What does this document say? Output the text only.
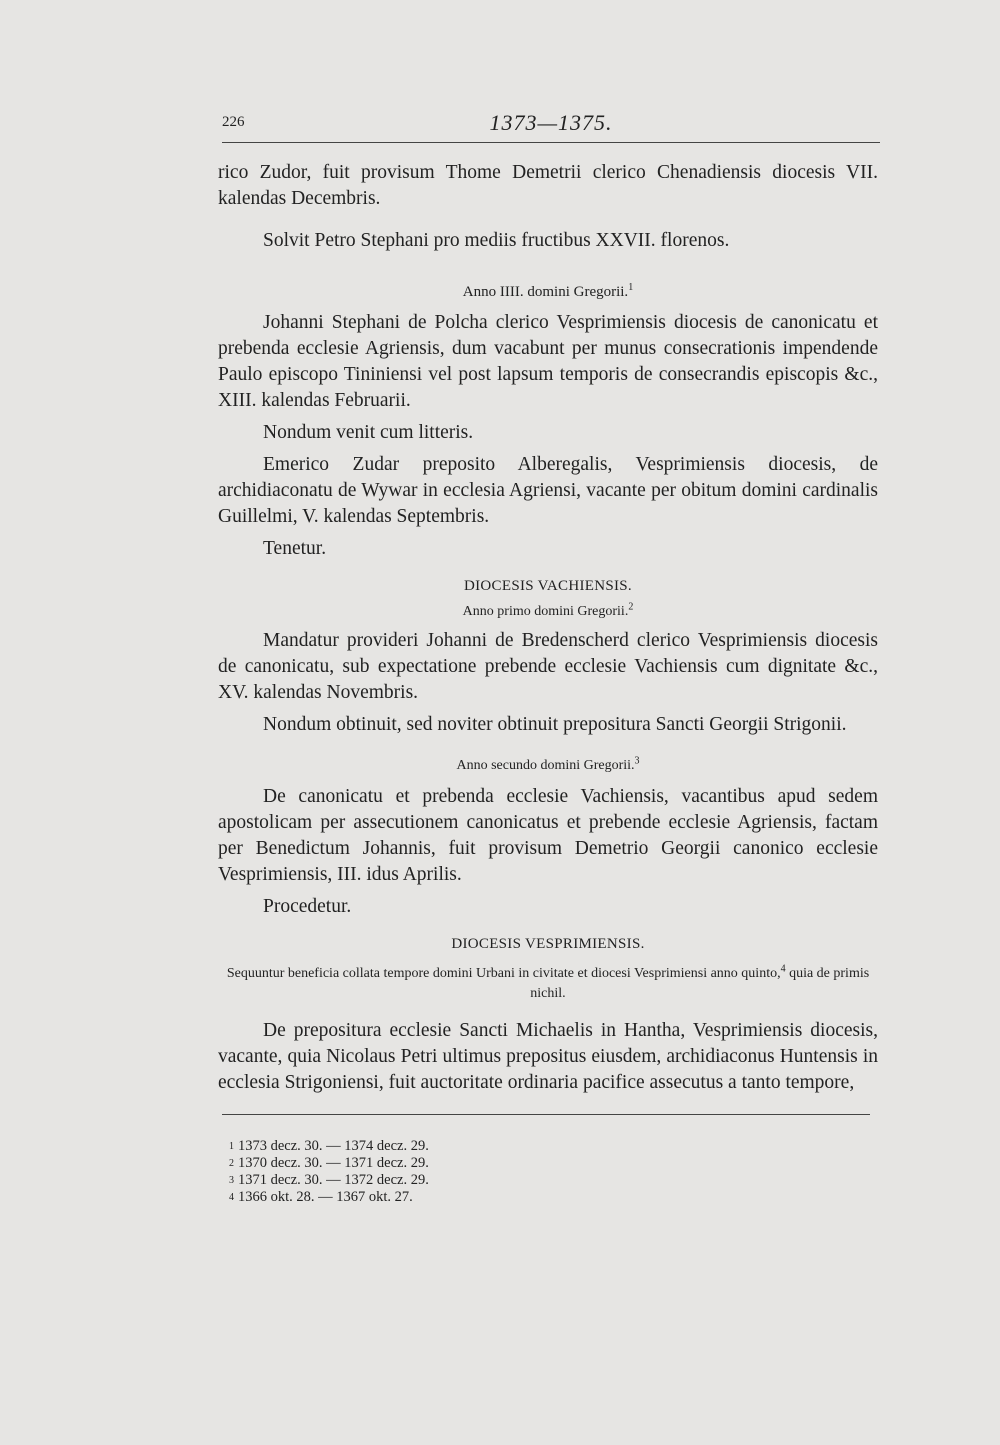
226	1373—1375.

rico Zudor, fuit provisum Thome Demetrii clerico Chenadiensis diocesis VII. kalendas Decembris.

Solvit Petro Stephani pro mediis fructibus XXVII. florenos.

Anno IIII. domini Gregorii.$^1$

Johanni Stephani de Polcha clerico Vesprimiensis diocesis de canonicatu et prebenda ecclesie Agriensis, dum vacabunt per munus consecrationis impendende Paulo episcopo Tininiensi vel post lapsum temporis de consecrandis episcopis &c., XIII. kalendas Februarii.

Nondum venit cum litteris.

Emerico Zudar preposito Alberegalis, Vesprimiensis diocesis, de archidiaconatu de Wywar in ecclesia Agriensi, vacante per obitum domini cardinalis Guillelmi, V. kalendas Septembris.

Tenetur.

DIOCESIS VACHIENSIS.

Anno primo domini Gregorii.$^2$

Mandatur provideri Johanni de Bredenscherd clerico Vesprimiensis diocesis de canonicatu, sub expectatione prebende ecclesie Vachiensis cum dignitate &c., XV. kalendas Novembris.

Nondum obtinuit, sed noviter obtinuit prepositura Sancti Georgii Strigonii.

Anno secundo domini Gregorii.$^3$

De canonicatu et prebenda ecclesie Vachiensis, vacantibus apud sedem apostolicam per assecutionem canonicatus et prebende ecclesie Agriensis, factam per Benedictum Johannis, fuit provisum Demetrio Georgii canonico ecclesie Vesprimiensis, III. idus Aprilis.

Procedetur.

DIOCESIS VESPRIMIENSIS.

Sequuntur beneficia collata tempore domini Urbani in civitate et diocesi Vesprimiensi anno quinto,$^4$ quia de primis nichil.

De prepositura ecclesie Sancti Michaelis in Hantha, Vesprimiensis diocesis, vacante, quia Nicolaus Petri ultimus prepositus eiusdem, archidiaconus Huntensis in ecclesia Strigoniensi, fuit auctoritate ordinaria pacifice assecutus a tanto tempore,

1 1373 decz. 30. — 1374 decz. 29.
2 1370 decz. 30. — 1371 decz. 29.
3 1371 decz. 30. — 1372 decz. 29.
4 1366 okt. 28. — 1367 okt. 27.
